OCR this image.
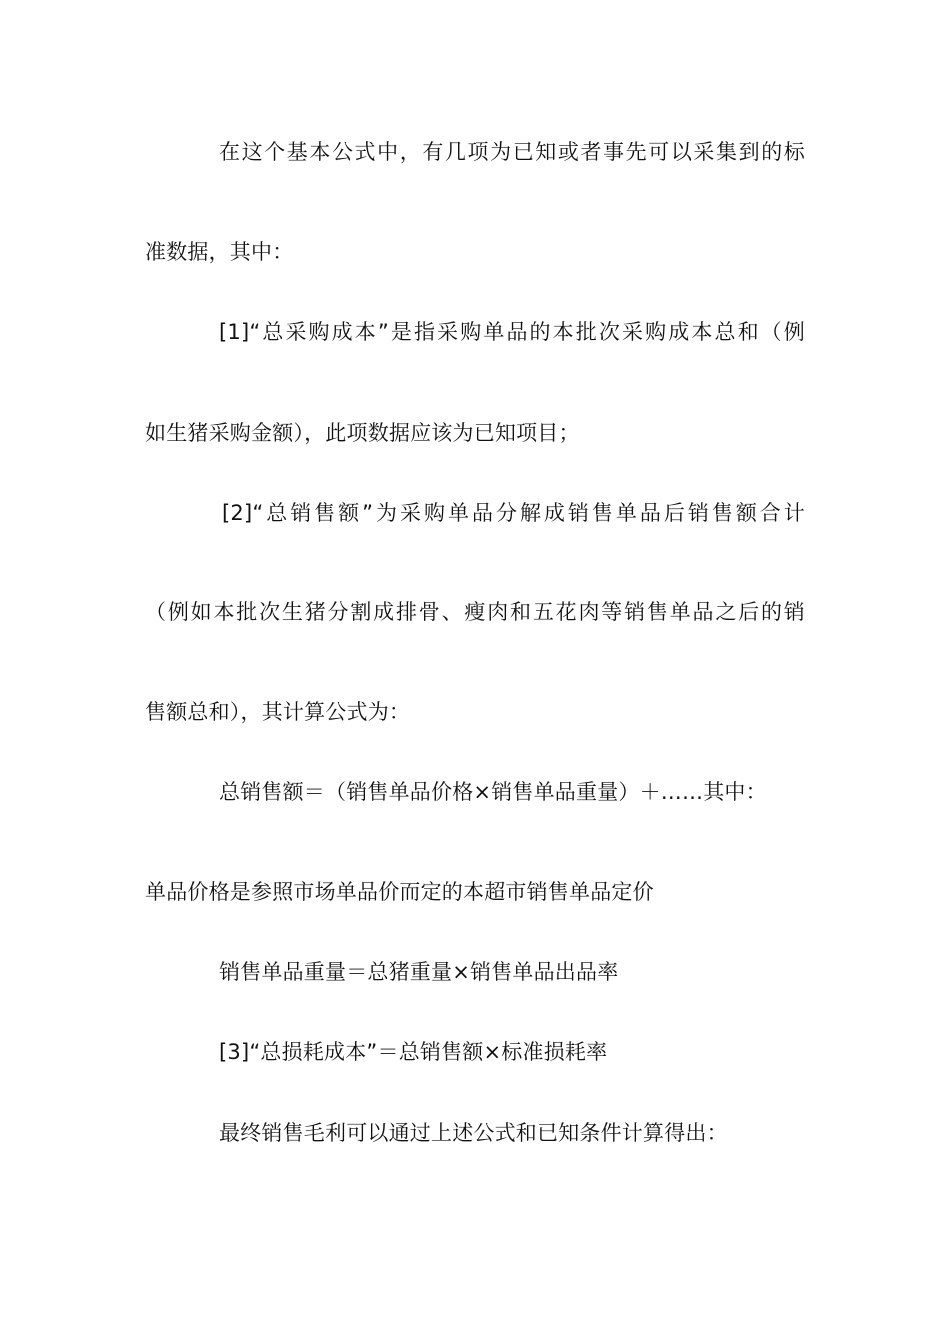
在这个基本公式中，有几项为已知或者事先可以采集到的标
准数据，其中：
[1]“总采购成本”是指采购单品的本批次采购成本总和（例
如生猪采购金额），此项数据应该为已知项目；
[2]“总销售额”为采购单品分解成销售单品后销售额合计
（例如本批次生猪分割成排骨、瘦肉和五花肉等销售单品之后的销
售额总和），其计算公式为：
总销售额＝（销售单品价格×销售单品重量）＋……其中：
单品价格是参照市场单品价而定的本超市销售单品定价
销售单品重量＝总猪重量×销售单品出品率
[3]“总损耗成本”＝总销售额×标准损耗率
最终销售毛利可以通过上述公式和已知条件计算得出：
